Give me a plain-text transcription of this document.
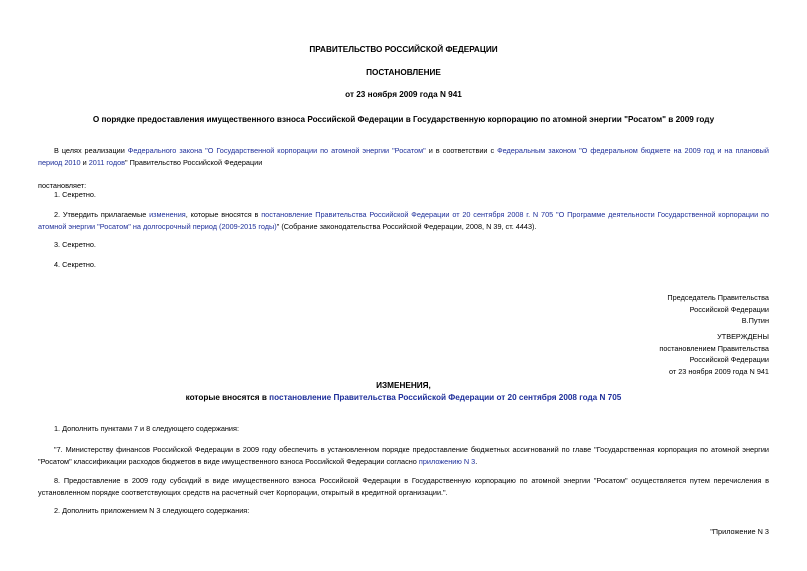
ПРАВИТЕЛЬСТВО РОССИЙСКОЙ ФЕДЕРАЦИИ
ПОСТАНОВЛЕНИЕ
от 23 ноября 2009 года N 941
О порядке предоставления имущественного взноса Российской Федерации в Государственную корпорацию по атомной энергии "Росатом" в 2009 году
В целях реализации Федерального закона "О Государственной корпорации по атомной энергии "Росатом" и в соответствии с Федеральным законом "О федеральном бюджете на 2009 год и на плановый период 2010 и 2011 годов" Правительство Российской Федерации
постановляет:
1. Секретно.
2. Утвердить прилагаемые изменения, которые вносятся в постановление Правительства Российской Федерации от 20 сентября 2008 г. N 705 "О Программе деятельности Государственной корпорации по атомной энергии "Росатом" на долгосрочный период (2009-2015 годы)" (Собрание законодательства Российской Федерации, 2008, N 39, ст. 4443).
3. Секретно.
4. Секретно.
Председатель Правительства
Российской Федерации
В.Путин
УТВЕРЖДЕНЫ
постановлением Правительства
Российской Федерации
от 23 ноября 2009 года N 941
ИЗМЕНЕНИЯ,
которые вносятся в постановление Правительства Российской Федерации от 20 сентября 2008 года N 705
1. Дополнить пунктами 7 и 8 следующего содержания:
"7. Министерству финансов Российской Федерации в 2009 году обеспечить в установленном порядке предоставление бюджетных ассигнований по главе "Государственная корпорация по атомной энергии "Росатом" классификации расходов бюджетов в виде имущественного взноса Российской Федерации согласно приложению N 3.
8. Предоставление в 2009 году субсидий в виде имущественного взноса Российской Федерации в Государственную корпорацию по атомной энергии "Росатом" осуществляется путем перечисления в установленном порядке соответствующих средств на расчетный счет Корпорации, открытый в кредитной организации.".
2. Дополнить приложением N 3 следующего содержания:
"Приложение N 3
